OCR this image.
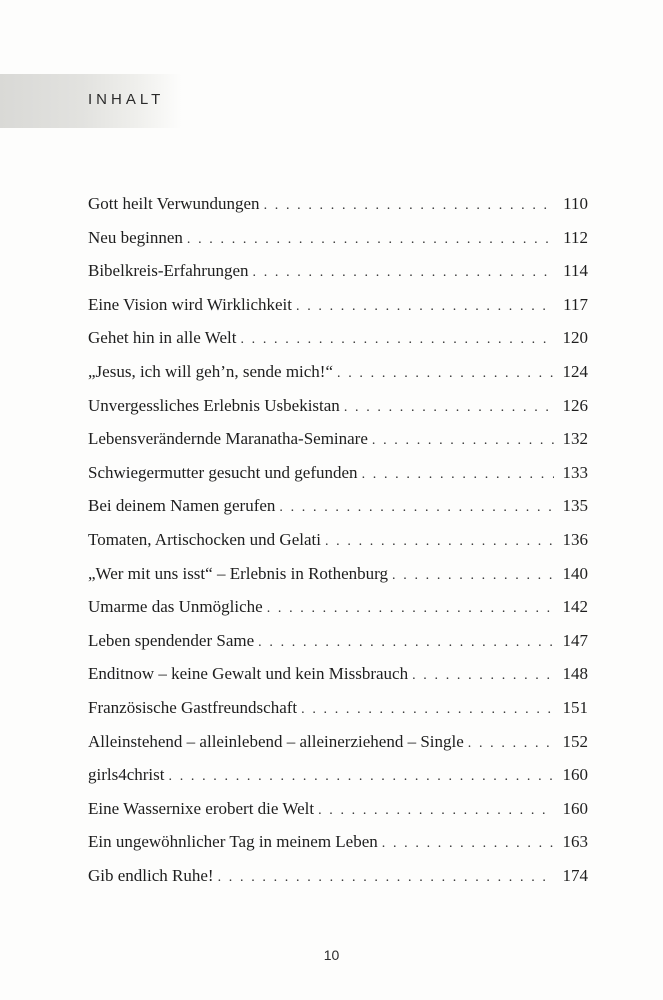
INHALT
Gott heilt Verwundungen . . .	110
Neu beginnen . . .	112
Bibelkreis-Erfahrungen . . .	114
Eine Vision wird Wirklichkeit . . .	117
Gehet hin in alle Welt . . .	120
„Jesus, ich will geh’n, sende mich!“ . . .	124
Unvergessliches Erlebnis Usbekistan . . .	126
Lebensverändernde Maranatha-Seminare . . .	132
Schwiegermutter gesucht und gefunden . . .	133
Bei deinem Namen gerufen . . .	135
Tomaten, Artischocken und Gelati . . .	136
„Wer mit uns isst“ – Erlebnis in Rothenburg . . .	140
Umarme das Unmögliche . . .	142
Leben spendender Same . . .	147
Enditnow – keine Gewalt und kein Missbrauch . . .	148
Französische Gastfreundschaft . . .	151
Alleinstehend – alleinlebend – alleinerziehend – Single . . .	152
girls4christ . . .	160
Eine Wassernixe erobert die Welt . . .	160
Ein ungewöhnlicher Tag in meinem Leben . . .	163
Gib endlich Ruhe! . . .	174
10
